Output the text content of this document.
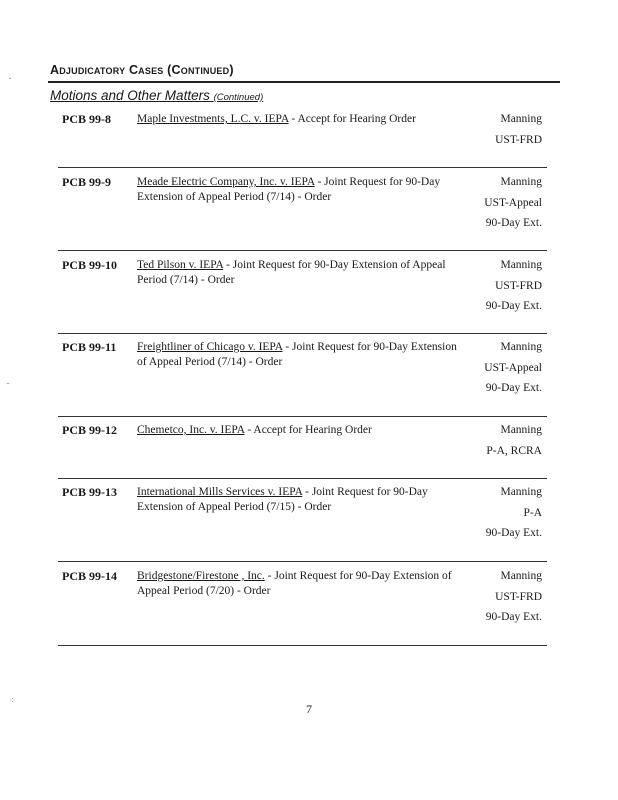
Adjudicatory Cases (Continued)
Motions and Other Matters (Continued)
PCB 99-8 Maple Investments, L.C. v. IEPA - Accept for Hearing Order	Manning
UST-FRD
PCB 99-9 Meade Electric Company, Inc. v. IEPA - Joint Request for 90-Day Extension of Appeal Period (7/14) - Order
Manning
UST-Appeal
90-Day Ext.
PCB 99-10 Ted Pilson v. IEPA - Joint Request for 90-Day Extension of Appeal Period (7/14) - Order
Manning
UST-FRD
90-Day Ext.
PCB 99-11 Freightliner of Chicago v. IEPA - Joint Request for 90-Day Extension of Appeal Period (7/14) - Order
Manning
UST-Appeal
90-Day Ext.
PCB 99-12 Chemetco, Inc. v. IEPA - Accept for Hearing Order	Manning
P-A, RCRA
PCB 99-13 International Mills Services v. IEPA - Joint Request for 90-Day Extension of Appeal Period (7/15) - Order
Manning
P-A
90-Day Ext.
PCB 99-14 Bridgestone/Firestone , Inc. - Joint Request for 90-Day Extension of Appeal Period (7/20) - Order
Manning
UST-FRD
90-Day Ext.
7
˘
˘
⁘
